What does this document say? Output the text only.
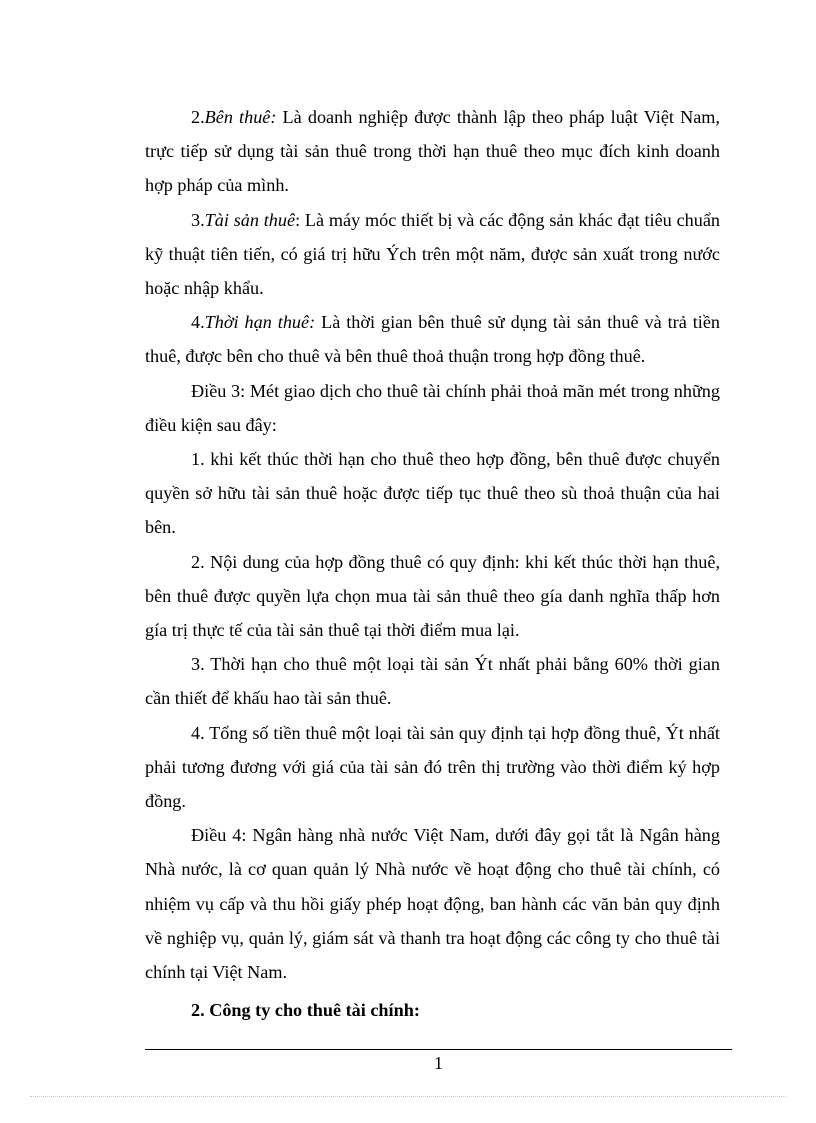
2.Bên thuê: Là doanh nghiệp được thành lập theo pháp luật Việt Nam, trực tiếp sử dụng tài sản thuê trong thời hạn thuê theo mục đích kinh doanh hợp pháp của mình.

3.Tài sản thuê: Là máy móc thiết bị và các động sản khác đạt tiêu chuẩn kỹ thuật tiên tiến, có giá trị hữu Ých trên một năm, được sản xuất trong nước hoặc nhập khẩu.

4.Thời hạn thuê: Là thời gian bên thuê sử dụng tài sản thuê và trả tiền thuê, được bên cho thuê và bên thuê thoả thuận trong hợp đồng thuê.

Điều 3: Mét giao dịch cho thuê tài chính phải thoả mãn mét trong những điều kiện sau đây:

1. khi kết thúc thời hạn cho thuê theo hợp đồng, bên thuê được chuyển quyền sở hữu tài sản thuê hoặc được tiếp tục thuê theo sù thoả thuận của hai bên.

2. Nội dung của hợp đồng thuê có quy định: khi kết thúc thời hạn thuê, bên thuê được quyền lựa chọn mua tài sản thuê theo gía danh nghĩa thấp hơn gía trị thực tế của tài sản thuê tại thời điểm mua lại.

3. Thời hạn cho thuê một loại tài sản Ýt nhất phải bằng 60% thời gian cần thiết để khấu hao tài sản thuê.

4. Tổng số tiền thuê một loại tài sản quy định tại hợp đồng thuê, Ýt nhất phải tương đương với giá của tài sản đó trên thị trường vào thời điểm ký hợp đồng.

Điều 4: Ngân hàng nhà nước Việt Nam, dưới đây gọi tắt là Ngân hàng Nhà nước, là cơ quan quản lý Nhà nước về hoạt động cho thuê tài chính, có nhiệm vụ cấp và thu hồi giấy phép hoạt động, ban hành các văn bản quy định về nghiệp vụ, quản lý, giám sát và thanh tra hoạt động các công ty cho thuê tài chính tại Việt Nam.

2. Công ty cho thuê tài chính:

1
